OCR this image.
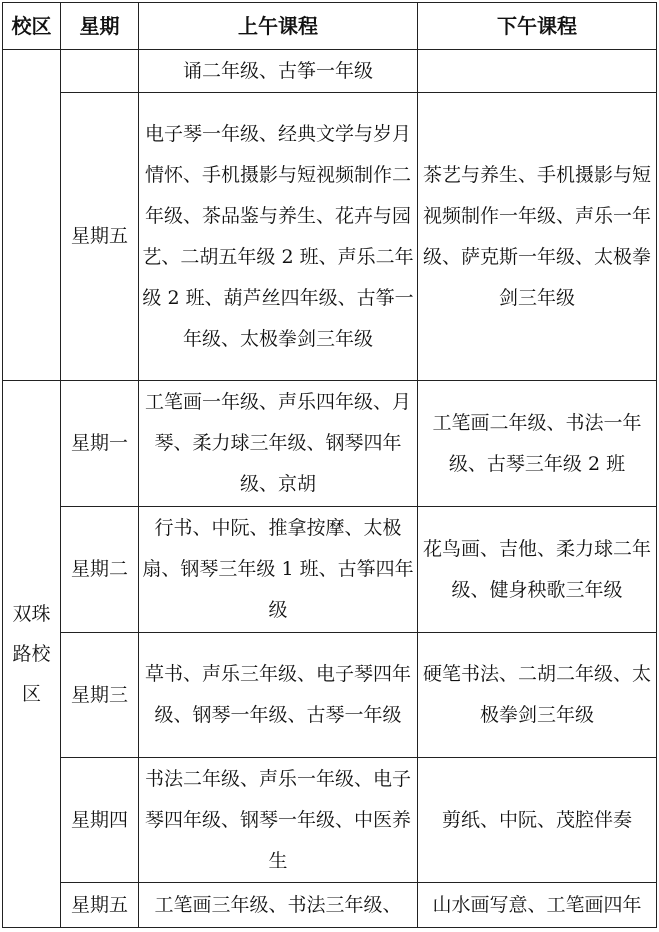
校区	星期	上午课程	下午课程
		诵二年级、古筝一年级	
	星期五	电子琴一年级、经典文学与岁月情怀、手机摄影与短视频制作二年级、茶品鉴与养生、花卉与园艺、二胡五年级 2 班、声乐二年级 2 班、葫芦丝四年级、古筝一年级、太极拳剑三年级	茶艺与养生、手机摄影与短视频制作一年级、声乐一年级、萨克斯一年级、太极拳剑三年级
双珠路校区	星期一	工笔画一年级、声乐四年级、月琴、柔力球三年级、钢琴四年级、京胡	工笔画二年级、书法一年级、古琴三年级 2 班
	星期二	行书、中阮、推拿按摩、太极扇、钢琴三年级 1 班、古筝四年级	花鸟画、吉他、柔力球二年级、健身秧歌三年级
	星期三	草书、声乐三年级、电子琴四年级、钢琴一年级、古琴一年级	硬笔书法、二胡二年级、太极拳剑三年级
	星期四	书法二年级、声乐一年级、电子琴四年级、钢琴一年级、中医养生	剪纸、中阮、茂腔伴奏
	星期五	工笔画三年级、书法三年级、	山水画写意、工笔画四年
